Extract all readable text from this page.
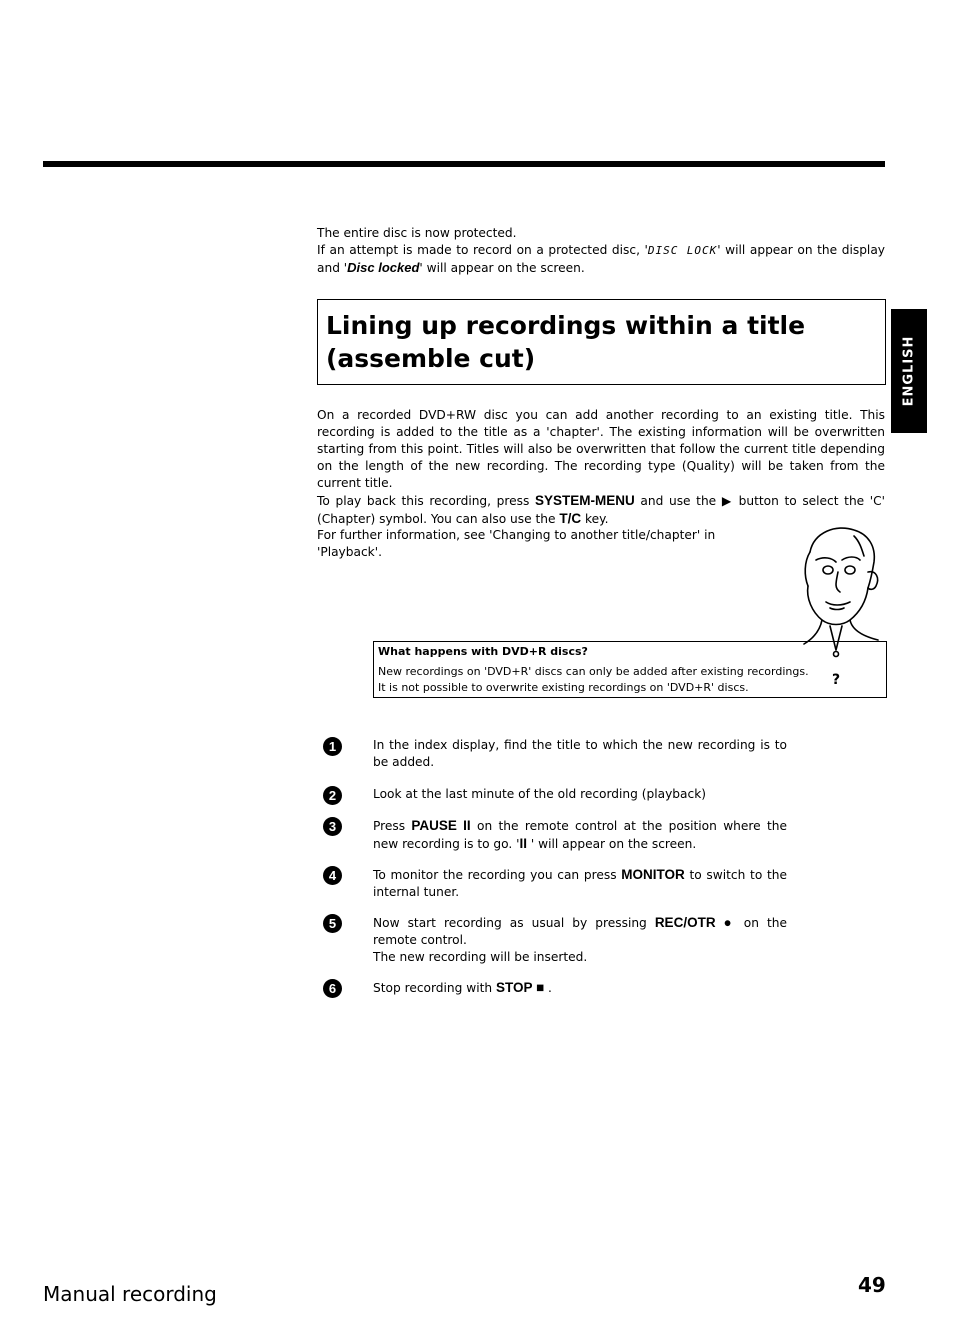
The entire disc is now protected.
If an attempt is made to record on a protected disc, 'DISC LOCK' will appear on the display and 'Disc locked' will appear on the screen.
Lining up recordings within a title (assemble cut)	ENGLISH
On a recorded DVD+RW disc you can add another recording to an existing title. This recording is added to the title as a 'chapter'. The existing information will be overwritten starting from this point. Titles will also be overwritten that follow the current title depending on the length of the new recording. The recording type (Quality) will be taken from the current title.
To play back this recording, press SYSTEM-MENU and use the ▶ button to select the 'C' (Chapter) symbol. You can also use the T/C key.
For further information, see 'Changing to another title/chapter' in 'Playback'.
What happens with DVD+R discs?
New recordings on 'DVD+R' discs can only be added after existing recordings.
It is not possible to overwrite existing recordings on 'DVD+R' discs.	?
1	In the index display, find the title to which the new recording is to be added.
2	Look at the last minute of the old recording (playback)
3	Press PAUSE II on the remote control at the position where the new recording is to go. 'II ' will appear on the screen.
4	To monitor the recording you can press MONITOR to switch to the internal tuner.
5	Now start recording as usual by pressing REC/OTR ● on the remote control.
The new recording will be inserted.
6	Stop recording with STOP ■ .
Manual recording	49
